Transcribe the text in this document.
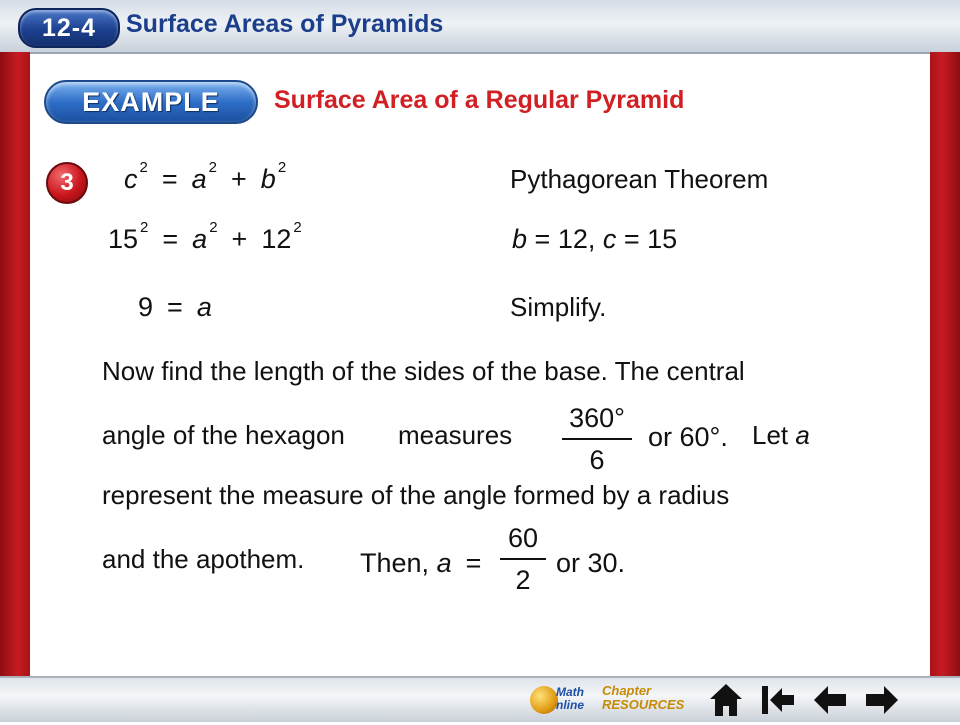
12-4	Surface Areas of Pyramids
EXAMPLE	Surface Area of a Regular Pyramid
3	c $^2$ = a $^2$ + b $^2$	Pythagorean Theorem
15 $^2$ = a $^2$ + 12 $^2$	b = 12, c = 15
9 = a	Simplify.
Now find the length of the sides of the base. The central
angle of the hexagon measures
360°
6
or 60°. Let a
represent the measure of the angle formed by a radius
and the apothem. Then, a =
60
2
or 30.
Math
nline
Chapter
RESOURCES
